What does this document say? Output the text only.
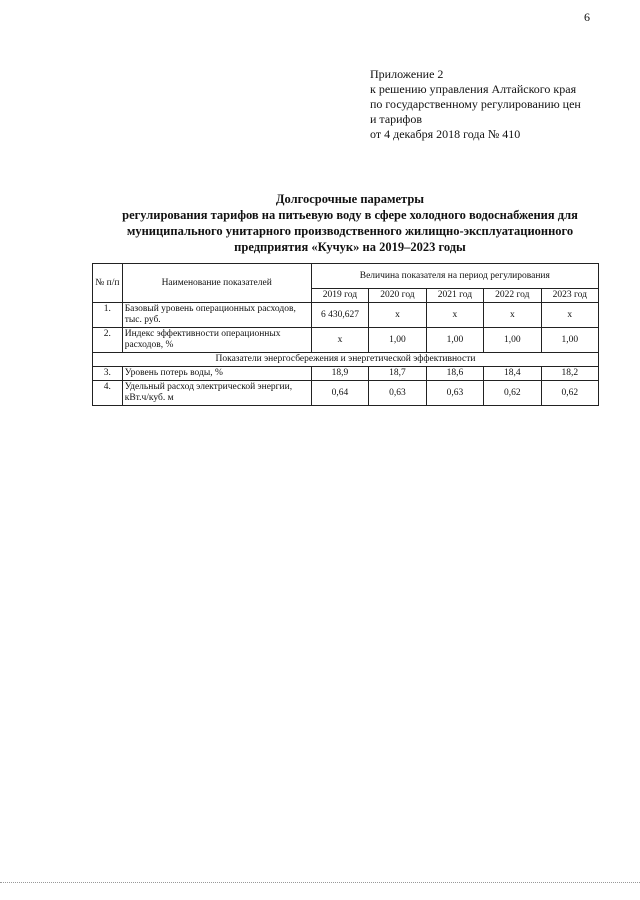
6
Приложение 2
к решению управления Алтайского края
по государственному регулированию цен
и тарифов
от 4 декабря 2018 года № 410
Долгосрочные параметры
регулирования тарифов на питьевую воду в сфере холодного водоснабжения для
муниципального унитарного производственного жилищно-эксплуатационного
предприятия «Кучук» на 2019–2023 годы
№ п/п	Наименование показателей	Величина показателя на период регулирования				
		2019 год	2020 год	2021 год	2022 год	2023 год
1.	Базовый уровень операционных расходов, тыс. руб.	6 430,627	x	x	x	x
2.	Индекс эффективности операционных расходов, %	x	1,00	1,00	1,00	1,00
Показатели энергосбережения и энергетической эффективности						
3.	Уровень потерь воды, %	18,9	18,7	18,6	18,4	18,2
4.	Удельный расход электрической энергии, кВт.ч/куб. м	0,64	0,63	0,63	0,62	0,62
